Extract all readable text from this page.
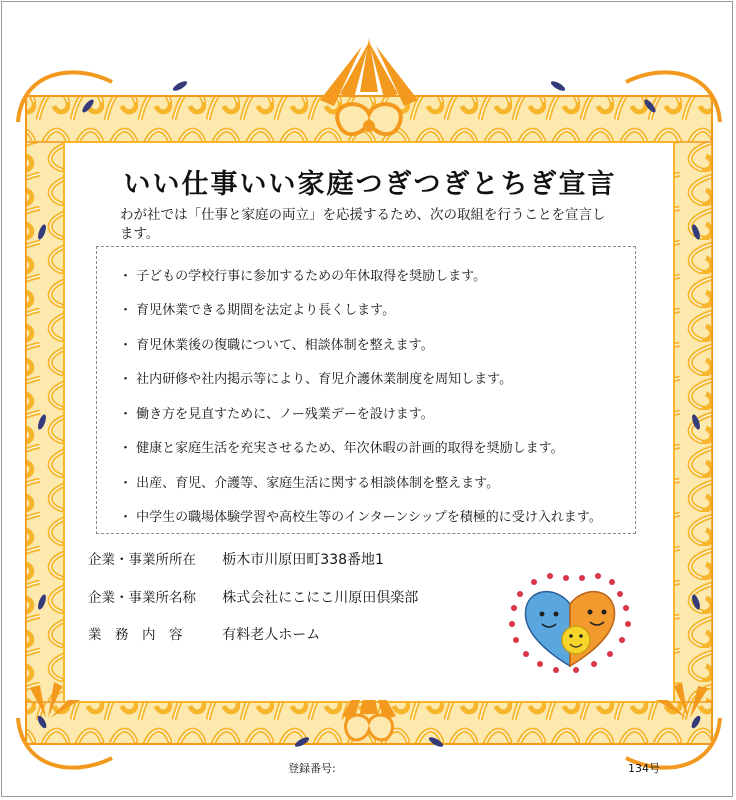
いい仕事いい家庭つぎつぎとちぎ宣言
わが社では「仕事と家庭の両立」を応援するため、次の取組を行うことを宣言します。
・ 子どもの学校行事に参加するための年休取得を奨励します。
・ 育児休業できる期間を法定より長くします。
・ 育児休業後の復職について、相談体制を整えます。
・ 社内研修や社内掲示等により、育児介護休業制度を周知します。
・ 働き方を見直すために、ノー残業デーを設けます。
・ 健康と家庭生活を充実させるため、年次休暇の計画的取得を奨励します。
・ 出産、育児、介護等、家庭生活に関する相談体制を整えます。
・ 中学生の職場体験学習や高校生等のインターンシップを積極的に受け入れます。
企業・事業所所在 栃木市川原田町338番地1
企業・事業所名称 株式会社にこにこ川原田倶楽部
業　務　内　容	有料老人ホーム
登録番号:	134号
